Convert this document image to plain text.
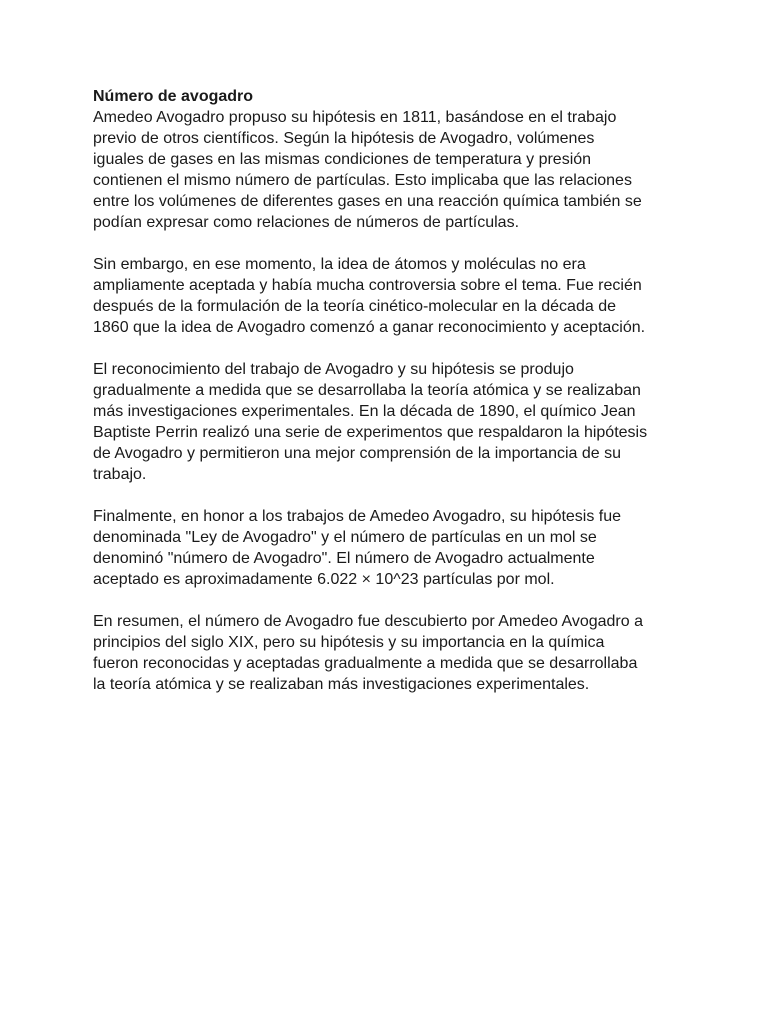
Número de avogadro
Amedeo Avogadro propuso su hipótesis en 1811, basándose en el trabajo
previo de otros científicos. Según la hipótesis de Avogadro, volúmenes
iguales de gases en las mismas condiciones de temperatura y presión
contienen el mismo número de partículas. Esto implicaba que las relaciones
entre los volúmenes de diferentes gases en una reacción química también se
podían expresar como relaciones de números de partículas.
Sin embargo, en ese momento, la idea de átomos y moléculas no era
ampliamente aceptada y había mucha controversia sobre el tema. Fue recién
después de la formulación de la teoría cinético-molecular en la década de
1860 que la idea de Avogadro comenzó a ganar reconocimiento y aceptación.
El reconocimiento del trabajo de Avogadro y su hipótesis se produjo
gradualmente a medida que se desarrollaba la teoría atómica y se realizaban
más investigaciones experimentales. En la década de 1890, el químico Jean
Baptiste Perrin realizó una serie de experimentos que respaldaron la hipótesis
de Avogadro y permitieron una mejor comprensión de la importancia de su
trabajo.
Finalmente, en honor a los trabajos de Amedeo Avogadro, su hipótesis fue
denominada "Ley de Avogadro" y el número de partículas en un mol se
denominó "número de Avogadro". El número de Avogadro actualmente
aceptado es aproximadamente 6.022 × 10^23 partículas por mol.
En resumen, el número de Avogadro fue descubierto por Amedeo Avogadro a
principios del siglo XIX, pero su hipótesis y su importancia en la química
fueron reconocidas y aceptadas gradualmente a medida que se desarrollaba
la teoría atómica y se realizaban más investigaciones experimentales.
